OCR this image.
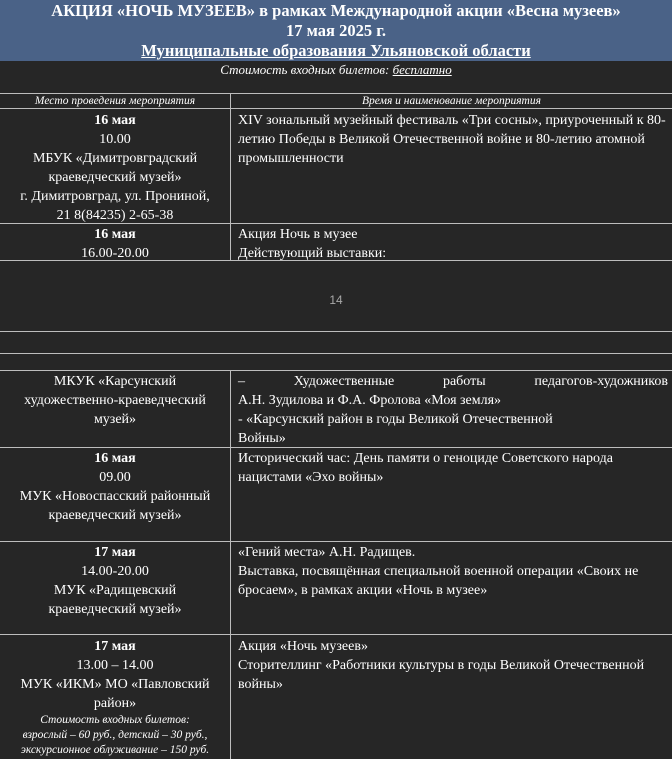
АКЦИЯ «НОЧЬ МУЗЕЕВ» в рамках Международной акции «Весна музеев»
17 мая 2025 г.
Муниципальные образования Ульяновской области
Стоимость входных билетов: бесплатно
Место проведения мероприятия	Время и наименование мероприятия
16 мая
10.00
МБУК «Димитровградский
краеведческий музей»
г. Димитровград, ул. Прониной,
21 8(84235) 2-65-38
XIV зональный музейный фестиваль «Три сосны», приуроченный к 80-летию Победы в Великой Отечественной войне и 80-летию атомной промышленности
16 мая
16.00-20.00
Акция Ночь в музее
Действующий выставки:
14
МКУК «Карсунский
художественно-краеведческий
музей»
– Художественные работы педагогов-художников
А.Н. Зудилова и Ф.А. Фролова «Моя земля»
- «Карсунский район в годы Великой Отечественной
Войны»
16 мая
09.00
МУК «Новоспасский районный
краеведческий музей»
Исторический час: День памяти о геноциде Советского народа нацистами «Эхо войны»
17 мая
14.00-20.00
МУК «Радищевский
краеведческий музей»
«Гений места» А.Н. Радищев.
Выставка, посвящённая специальной военной операции «Своих не бросаем», в рамках акции «Ночь в музее»
17 мая
13.00 – 14.00
МУК «ИКМ» МО «Павловский
район»
Стоимость входных билетов:
взрослый – 60 руб., детский – 30 руб.,
экскурсионное облуживание – 150 руб.
Акция «Ночь музеев»
Сторителлинг «Работники культуры в годы Великой Отечественной войны»
